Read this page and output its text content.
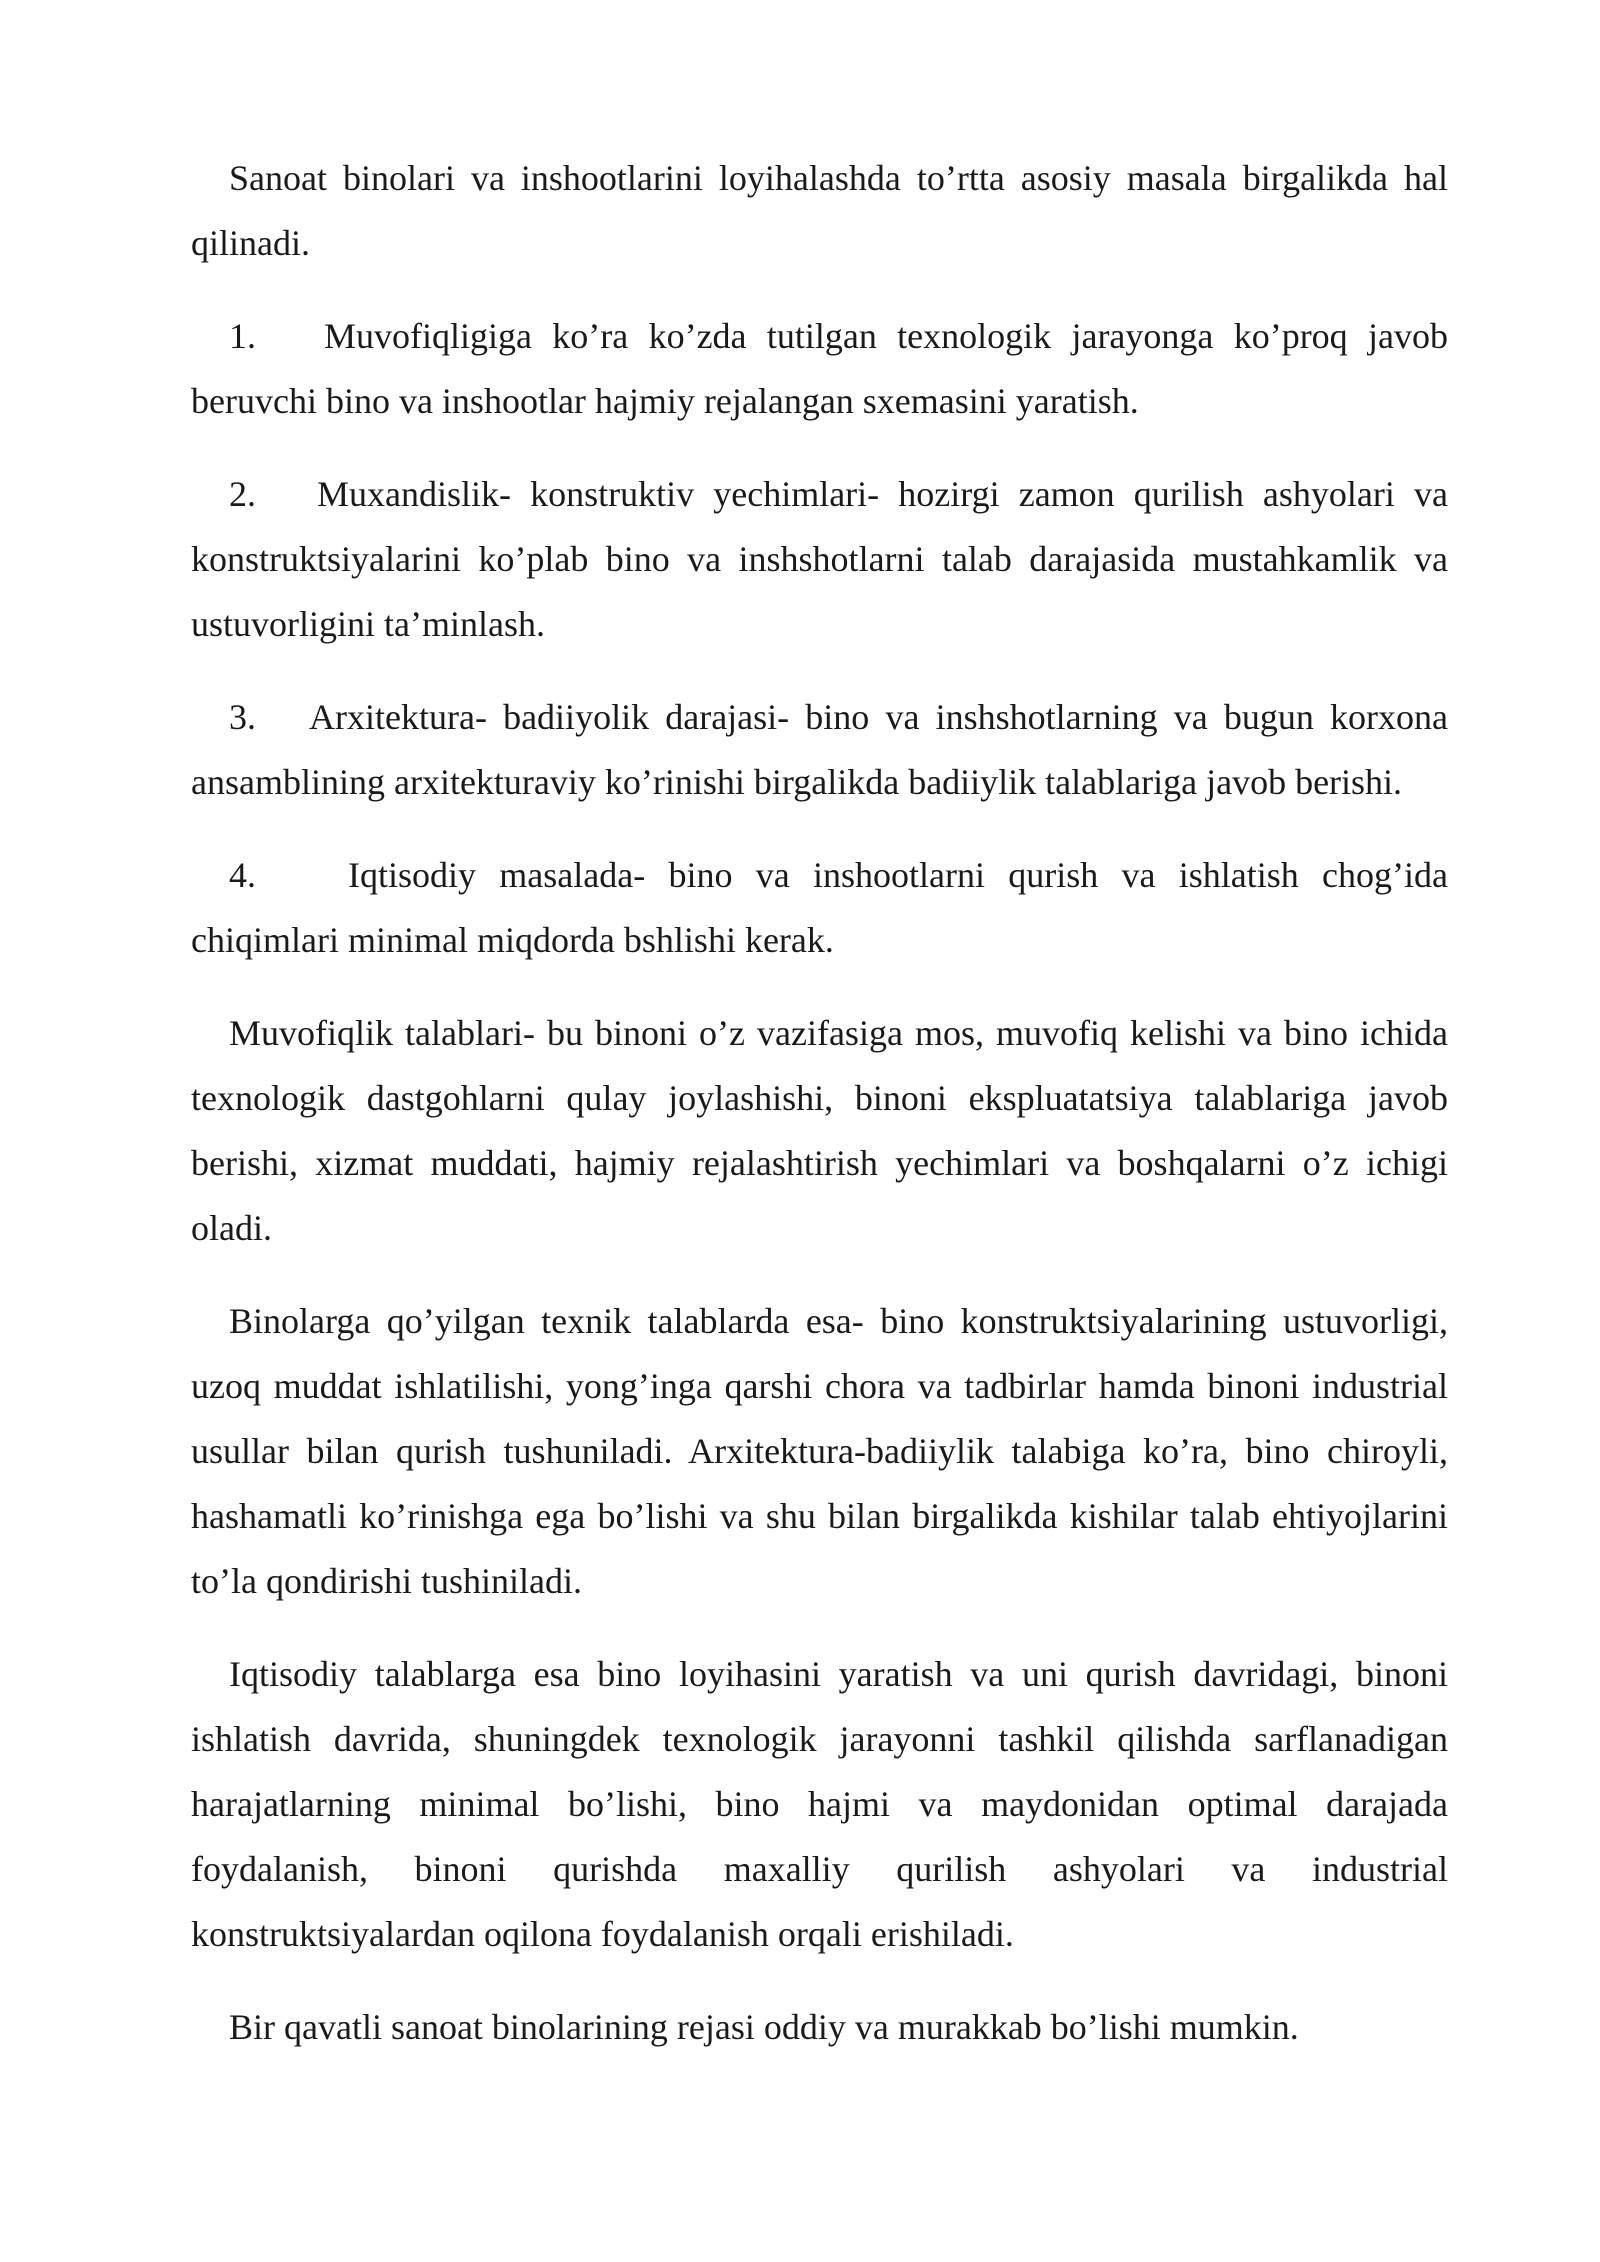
Sanoat binolari va inshootlarini loyihalashda to’rtta asosiy masala birgalikda hal qilinadi.

1. Muvofiqligiga ko’ra ko’zda tutilgan texnologik jarayonga ko’proq javob beruvchi bino va inshootlar hajmiy rejalangan sxemasini yaratish.

2. Muxandislik- konstruktiv yechimlari- hozirgi zamon qurilish ashyolari va konstruktsiyalarini ko’plab bino va inshshotlarni talab darajasida mustahkamlik va ustuvorligini ta’minlash.

3. Arxitektura- badiiyolik darajasi- bino va inshshotlarning va bugun korxona ansamblining arxitekturaviy ko’rinishi birgalikda badiiylik talablariga javob berishi.

4.	Iqtisodiy masalada- bino va inshootlarni qurish va ishlatish chog’ida chiqimlari minimal miqdorda bshlishi kerak.

Muvofiqlik talablari- bu binoni o’z vazifasiga mos, muvofiq kelishi va bino ichida texnologik dastgohlarni qulay joylashishi, binoni ekspluatatsiya talablariga javob berishi, xizmat muddati, hajmiy rejalashtirish yechimlari va boshqalarni o’z ichigi oladi.

Binolarga qo’yilgan texnik talablarda esa- bino konstruktsiyalarining ustuvorligi, uzoq muddat ishlatilishi, yong’inga qarshi chora va tadbirlar hamda binoni industrial usullar bilan qurish tushuniladi. Arxitektura-badiiylik talabiga ko’ra, bino chiroyli, hashamatli ko’rinishga ega bo’lishi va shu bilan birgalikda kishilar talab ehtiyojlarini to’la qondirishi tushiniladi.

Iqtisodiy talablarga esa bino loyihasini yaratish va uni qurish davridagi, binoni ishlatish davrida, shuningdek texnologik jarayonni tashkil qilishda sarflanadigan harajatlarning minimal bo’lishi, bino hajmi va maydonidan optimal darajada foydalanish, binoni qurishda maxalliy qurilish ashyolari va industrial konstruktsiyalardan oqilona foydalanish orqali erishiladi.

Bir qavatli sanoat binolarining rejasi oddiy va murakkab bo’lishi mumkin.
